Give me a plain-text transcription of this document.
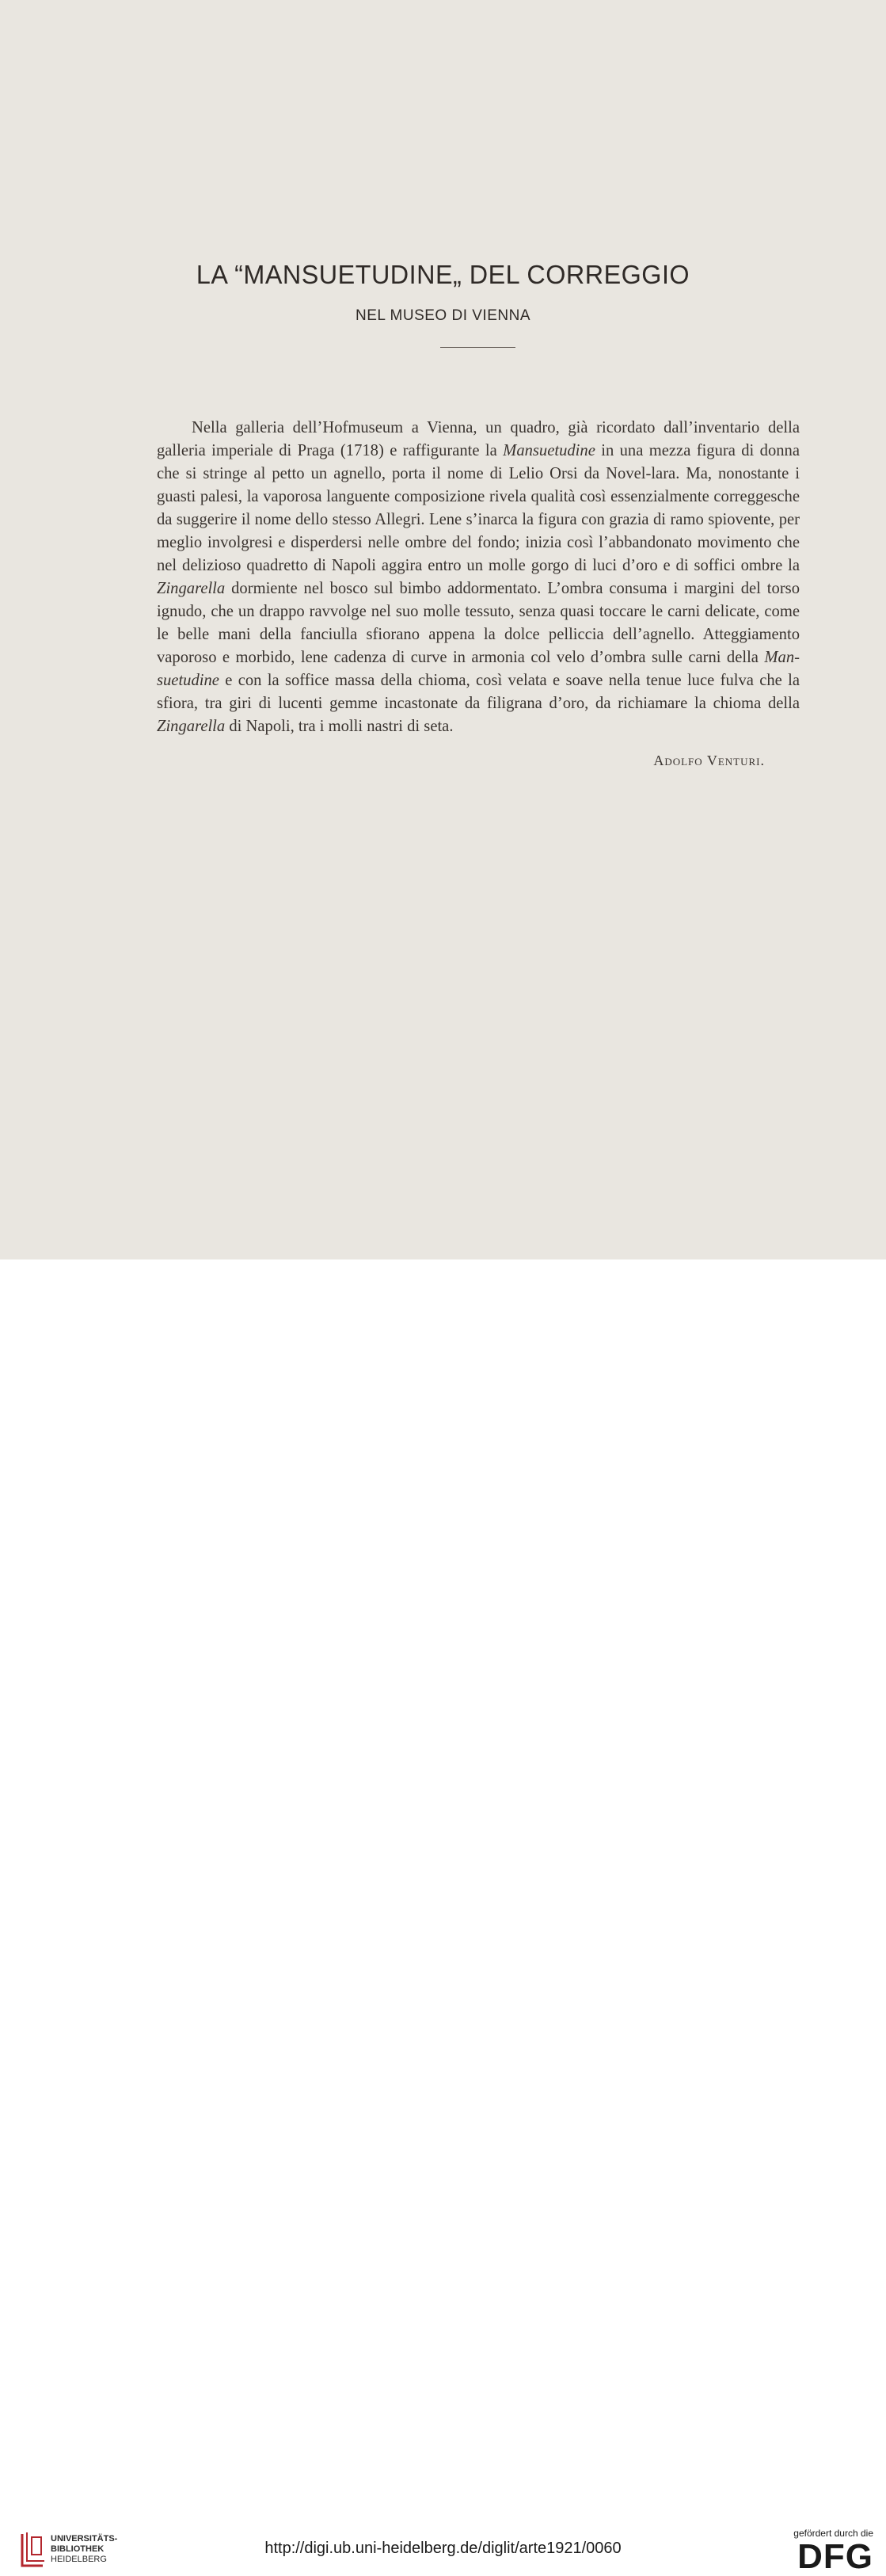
LA “MANSUETUDINE„ DEL CORREGGIO
NEL MUSEO DI VIENNA

Nella galleria dell’Hofmuseum a Vienna, un quadro, già ricordato dall’inventario della galleria imperiale di Praga (1718) e raffigurante la Mansuetudine in una mezza figura di donna che si stringe al petto un agnello, porta il nome di Lelio Orsi da Novel-lara. Ma, nonostante i guasti palesi, la vaporosa languente composizione rivela qualità così essenzialmente correggesche da suggerire il nome dello stesso Allegri. Lene s’inarca la figura con grazia di ramo spiovente, per meglio involgresi e disperdersi nelle ombre del fondo; inizia così l’abbandonato movimento che nel delizioso quadretto di Napoli aggira entro un molle gorgo di luci d’oro e di soffici ombre la Zingarella dormiente nel bosco sul bimbo addormentato. L’ombra consuma i margini del torso ignudo, che un drappo ravvolge nel suo molle tessuto, senza quasi toccare le carni delicate, come le belle mani della fanciulla sfiorano appena la dolce pelliccia dell’agnello. Atteggiamento vaporoso e morbido, lene cadenza di curve in armonia col velo d’ombra sulle carni della Man-suetudine e con la soffice massa della chioma, così velata e soave nella tenue luce fulva che la sfiora, tra giri di lucenti gemme incastonate da filigrana d’oro, da richiamare la chioma della Zingarella di Napoli, tra i molli nastri di seta.

Adolfo Venturi.
UNIVERSITÄTS-
BIBLIOTHEK
HEIDELBERG
http://digi.ub.uni-heidelberg.de/diglit/arte1921/0060
gefördert durch die
DFG
